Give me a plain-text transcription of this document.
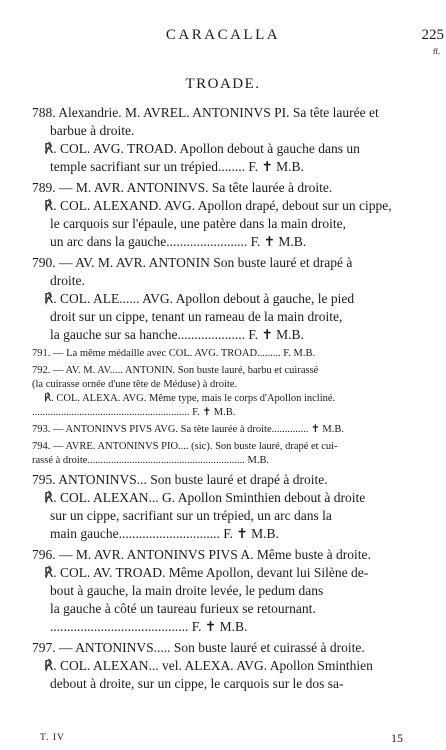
CARACALLA	225
ff.
TROADE.
788. Alexandrie. M. AVREL. ANTONINVS PI. Sa tête laurée et
barbue à droite.
℟. COL. AVG. TROAD. Apollon debout à gauche dans un
temple sacrifiant sur un trépied........ F. ✝ M.B.
789. — M. AVR. ANTONINVS. Sa tête laurée à droite.
℟. COL. ALEXAND. AVG. Apollon drapé, debout sur un cippe,
le carquois sur l'épaule, une patère dans la main droite,
un arc dans la gauche........................ F. ✝ M.B.
790. — AV. M. AVR. ANTONIN Son buste lauré et drapé à
droite.
℟. COL. ALE...... AVG. Apollon debout à gauche, le pied
droit sur un cippe, tenant un rameau de la main droite,
la gauche sur sa hanche.................... F. ✝ M.B.
791. — La même médaille avec COL. AVG. TROAD......... F. M.B.
792. — AV. M. AV..... ANTONIN. Son buste lauré, barbu et cuirassé
(la cuirasse ornée d'une tête de Méduse) à droite.
℟. COL. ALEXA. AVG. Même type, mais le corps d'Apollon incliné.
............................................................ F. ✝ M.B.
793. — ANTONINVS PIVS AVG. Sa tête laurée à droite.............. ✝ M.B.
794. — AVRE. ANTONINVS PIO.... (sic). Son buste lauré, drapé et cui-
rassé à droite............................................................ M.B.
795. ANTONINVS... Son buste lauré et drapé à droite.
℟. COL. ALEXAN... G. Apollon Sminthien debout à droite
sur un cippe, sacrifiant sur un trépied, un arc dans la
main gauche.............................. F. ✝ M.B.
796. — M. AVR. ANTONINVS PIVS A. Même buste à droite.
℟. COL. AV. TROAD. Même Apollon, devant lui Silène de-
bout à gauche, la main droite levée, le pedum dans
la gauche à côté un taureau furieux se retournant.
......................................... F. ✝ M.B.
797. — ANTONINVS..... Son buste lauré et cuirassé à droite.
℟. COL. ALEXAN... vel. ALEXA. AVG. Apollon Sminthien
debout à droite, sur un cippe, le carquois sur le dos sa-
T. IV	15
